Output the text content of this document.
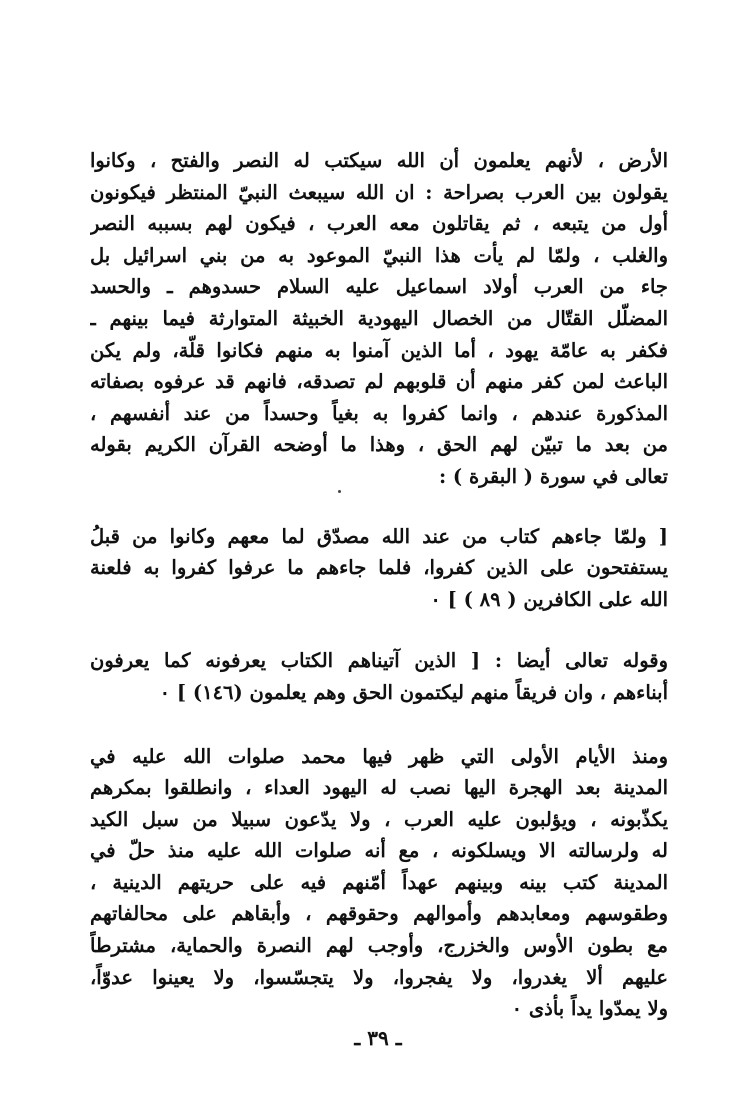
الأرض ، لأنهم يعلمون أن الله سيكتب له النصر والفتح ، وكانوا
يقولون بين العرب بصراحة : ان الله سيبعث النبيّ المنتظر فيكونون
أول من يتبعه ، ثم يقاتلون معه العرب ، فيكون لهم بسببه النصر
والغلب ، ولمّا لم يأت هذا النبيّ الموعود به من بني اسرائيل بل
جاء من العرب أولاد اسماعيل عليه السلام حسدوهم ـ والحسد
المضلّل القتّال من الخصال اليهودية الخبيثة المتوارثة فيما بينهم ـ
فكفر به عامّة يهود ، أما الذين آمنوا به منهم فكانوا قلّة، ولم يكن
الباعث لمن كفر منهم أن قلوبهم لم تصدقه، فانهم قد عرفوه بصفاته
المذكورة عندهم ، وانما كفروا به بغياً وحسداً من عند أنفسهم ،
من بعد ما تبيّن لهم الحق ، وهذا ما أوضحه القرآن الكريم بقوله
تعالى في سورة ( البقرة ) :

[ ولمّا جاءهم كتاب من عند الله مصدّق لما معهم وكانوا من قبلُ
يستفتحون على الذين كفروا، فلما جاءهم ما عرفوا كفروا به فلعنة
الله على الكافرين ( ٨٩ ) ] ٠

وقوله تعالى أيضا : [ الذين آتيناهم الكتاب يعرفونه كما يعرفون
أبناءهم ، وان فريقاً منهم ليكتمون الحق وهم يعلمون (١٤٦) ] ٠

ومنذ الأيام الأولى التي ظهر فيها محمد صلوات الله عليه في
المدينة بعد الهجرة اليها نصب له اليهود العداء ، وانطلقوا بمكرهم
يكذّبونه ، ويؤلبون عليه العرب ، ولا يدّعون سبيلا من سبل الكيد
له ولرسالته الا ويسلكونه ، مع أنه صلوات الله عليه منذ حلّ في
المدينة كتب بينه وبينهم عهداً أمّنهم فيه على حريتهم الدينية ،
وطقوسهم ومعابدهم وأموالهم وحقوقهم ، وأبقاهم على محالفاتهم
مع بطون الأوس والخزرج، وأوجب لهم النصرة والحماية، مشترطاً
عليهم ألا يغدروا، ولا يفجروا، ولا يتجسّسوا، ولا يعينوا عدوّاً،
ولا يمدّوا يداً بأذى ٠

ـ ٣٩ ـ
